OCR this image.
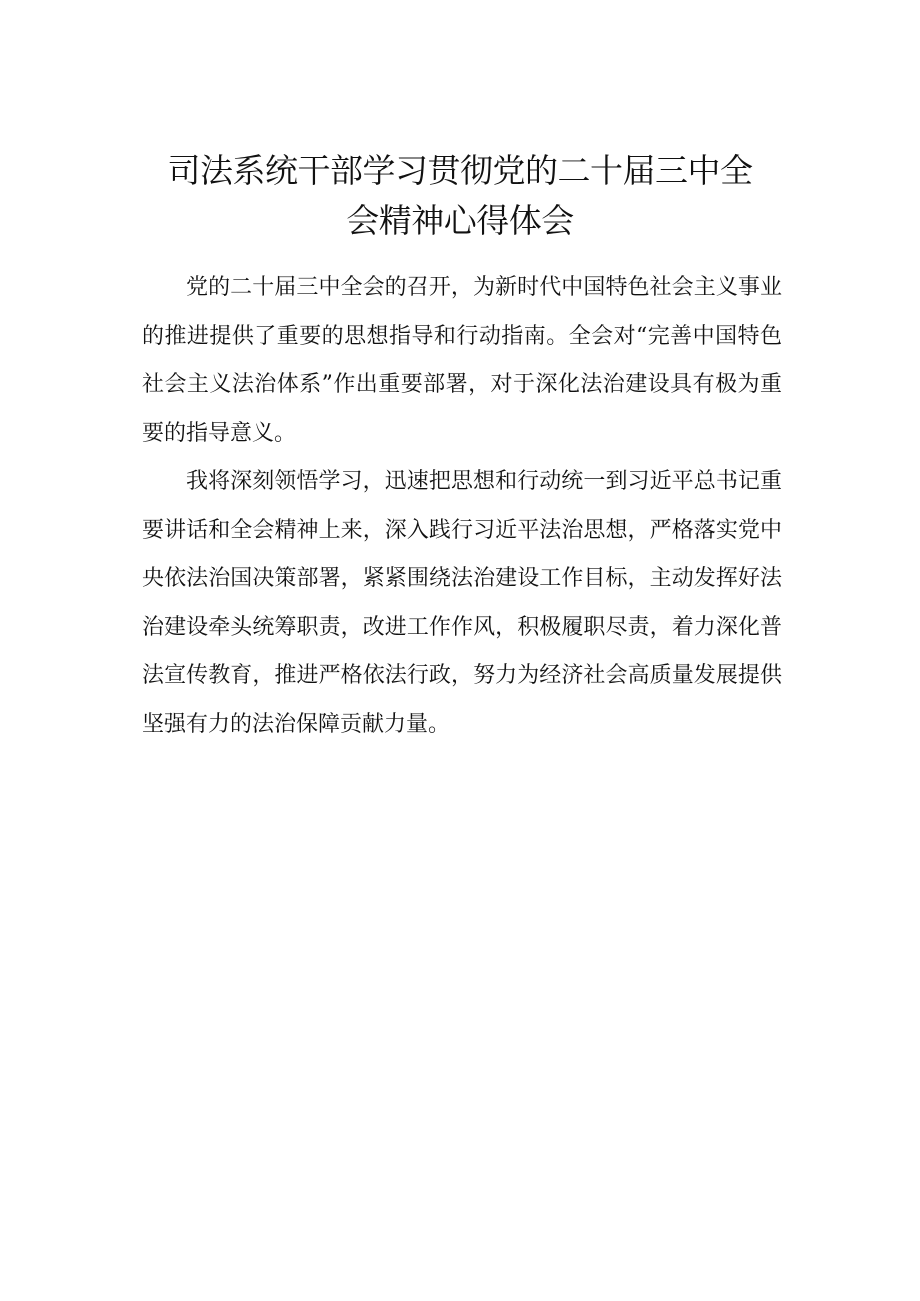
司法系统干部学习贯彻党的二十届三中全
会精神心得体会

党的二十届三中全会的召开，为新时代中国特色社会主义事业的推进提供了重要的思想指导和行动指南。全会对“完善中国特色社会主义法治体系”作出重要部署，对于深化法治建设具有极为重要的指导意义。

我将深刻领悟学习，迅速把思想和行动统一到习近平总书记重要讲话和全会精神上来，深入践行习近平法治思想，严格落实党中央依法治国决策部署，紧紧围绕法治建设工作目标，主动发挥好法治建设牵头统筹职责，改进工作作风，积极履职尽责，着力深化普法宣传教育，推进严格依法行政，努力为经济社会高质量发展提供坚强有力的法治保障贡献力量。
